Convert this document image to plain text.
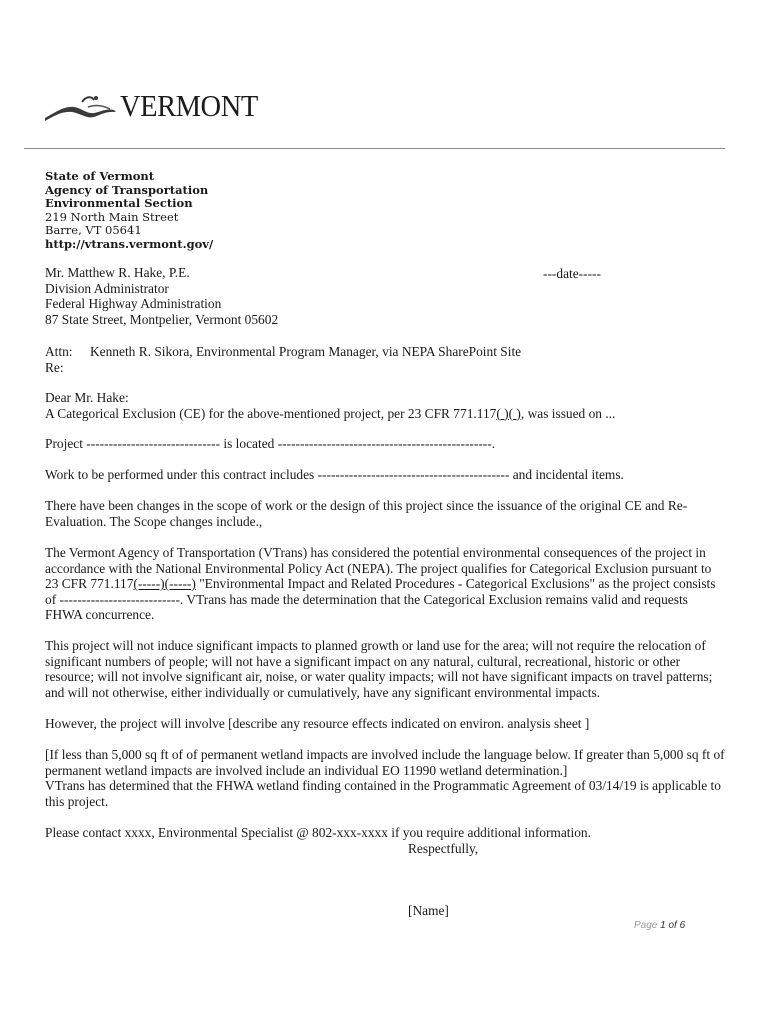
VERMONT
State of Vermont
Agency of Transportation
Environmental Section
219 North Main Street
Barre, VT 05641
http://vtrans.vermont.gov/
Mr. Matthew R. Hake, P.E.
Division Administrator
Federal Highway Administration
87 State Street, Montpelier, Vermont 05602
---date-----
Attn: Kenneth R. Sikora, Environmental Program Manager, via NEPA SharePoint Site
Re:
Dear Mr. Hake:
A Categorical Exclusion (CE) for the above-mentioned project, per 23 CFR 771.117( )( ), was issued on ...
Project ------------------------------ is located ------------------------------------------------.
Work to be performed under this contract includes ------------------------------------------- and incidental items.
There have been changes in the scope of work or the design of this project since the issuance of the original CE and Re-Evaluation. The Scope changes include.,
The Vermont Agency of Transportation (VTrans) has considered the potential environmental consequences of the project in accordance with the National Environmental Policy Act (NEPA). The project qualifies for Categorical Exclusion pursuant to 23 CFR 771.117(-----)(-----) "Environmental Impact and Related Procedures - Categorical Exclusions" as the project consists of ---------------------------. VTrans has made the determination that the Categorical Exclusion remains valid and requests FHWA concurrence.
This project will not induce significant impacts to planned growth or land use for the area; will not require the relocation of significant numbers of people; will not have a significant impact on any natural, cultural, recreational, historic or other resource; will not involve significant air, noise, or water quality impacts; will not have significant impacts on travel patterns; and will not otherwise, either individually or cumulatively, have any significant environmental impacts.
However, the project will involve [describe any resource effects indicated on environ. analysis sheet ]
[If less than 5,000 sq ft of of permanent wetland impacts are involved include the language below. If greater than 5,000 sq ft of permanent wetland impacts are involved include an individual EO 11990 wetland determination.]
VTrans has determined that the FHWA wetland finding contained in the Programmatic Agreement of 03/14/19 is applicable to this project.
Please contact xxxx, Environmental Specialist @ 802-xxx-xxxx if you require additional information.
Respectfully,
[Name]
Page 1 of 6
